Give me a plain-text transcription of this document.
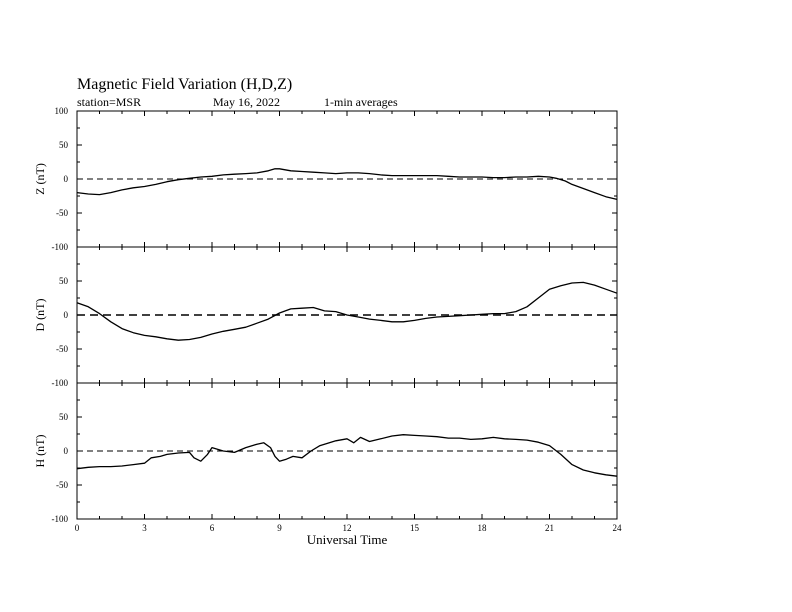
Magnetic Field Variation (H,D,Z)
station=MSR	May 16, 2022	1-min averages
100
50
0
-50
-100
Z (nT)
50
0
-50
-100
D (nT)
50
0
-50
-100
H (nT)
0	3	6	9	12	15	18	21	24
Universal Time
